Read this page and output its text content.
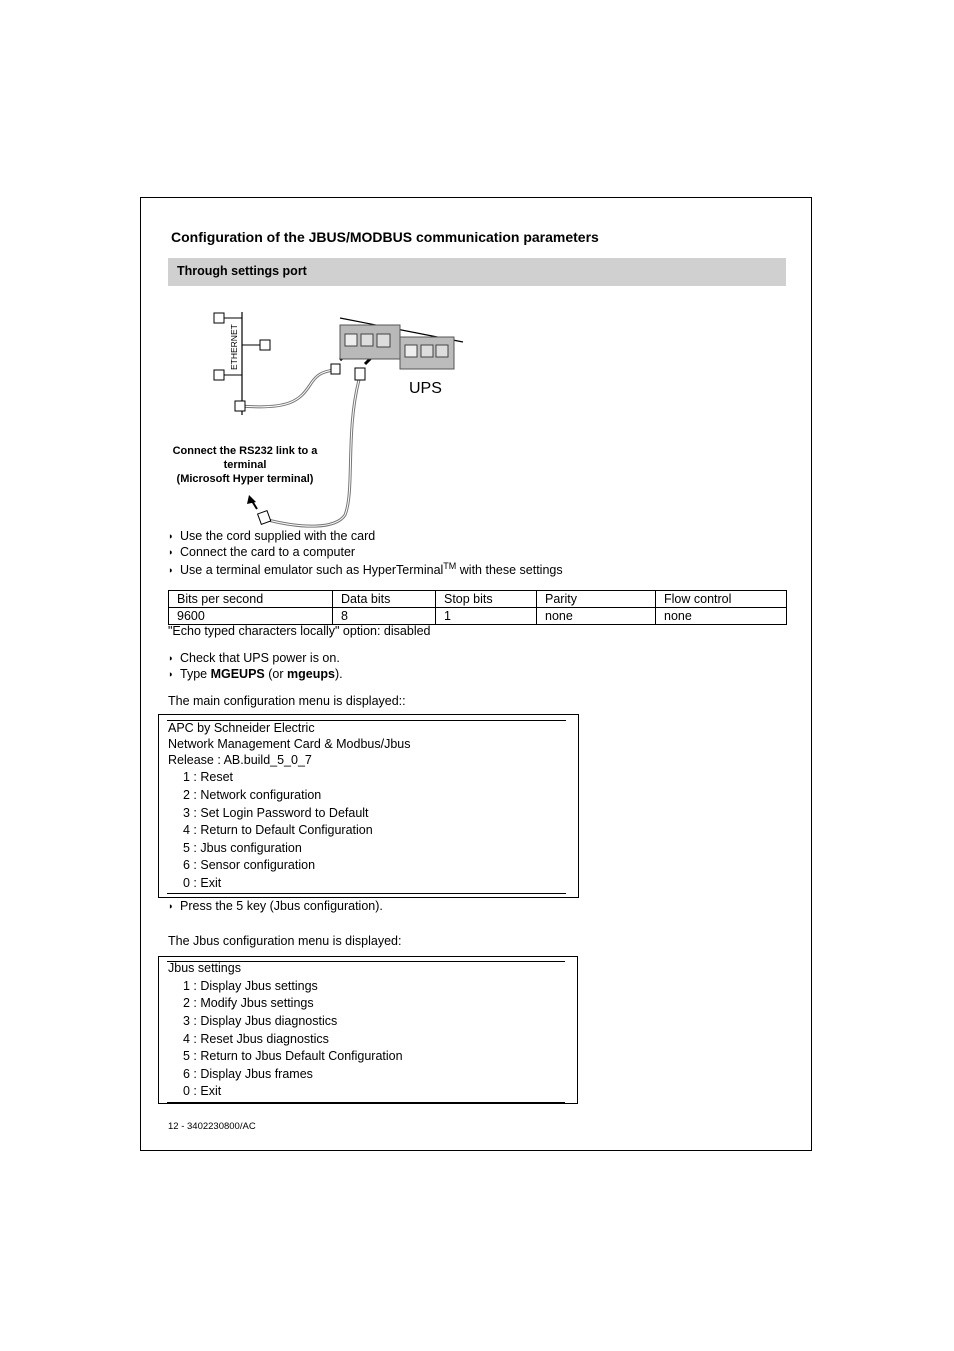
Configuration of the JBUS/MODBUS communication parameters
Through settings port
ETHERNET
UPS
Connect the RS232 link to a
terminal
(Microsoft Hyper terminal)
◗ Use the cord supplied with the card
◗ Connect the card to a computer
◗ Use a terminal emulator such as HyperTerminal™ with these settings
Bits per second	Data bits	Stop bits	Parity	Flow control
9600	8	1	none	none
"Echo typed characters locally" option: disabled
◗ Check that UPS power is on.
◗ Type MGEUPS (or mgeups).
The main configuration menu is displayed::
APC by Schneider Electric
Network Management Card & Modbus/Jbus
Release : AB.build_5_0_7
1 : Reset
2 : Network configuration
3 : Set Login Password to Default
4 : Return to Default Configuration
5 : Jbus configuration
6 : Sensor configuration
0 : Exit
◗ Press the 5 key (Jbus configuration).
The Jbus configuration menu is displayed:
Jbus settings
1 : Display Jbus settings
2 : Modify Jbus settings
3 : Display Jbus diagnostics
4 : Reset Jbus diagnostics
5 : Return to Jbus Default Configuration
6 : Display Jbus frames
0 : Exit
12 - 3402230800/AC
